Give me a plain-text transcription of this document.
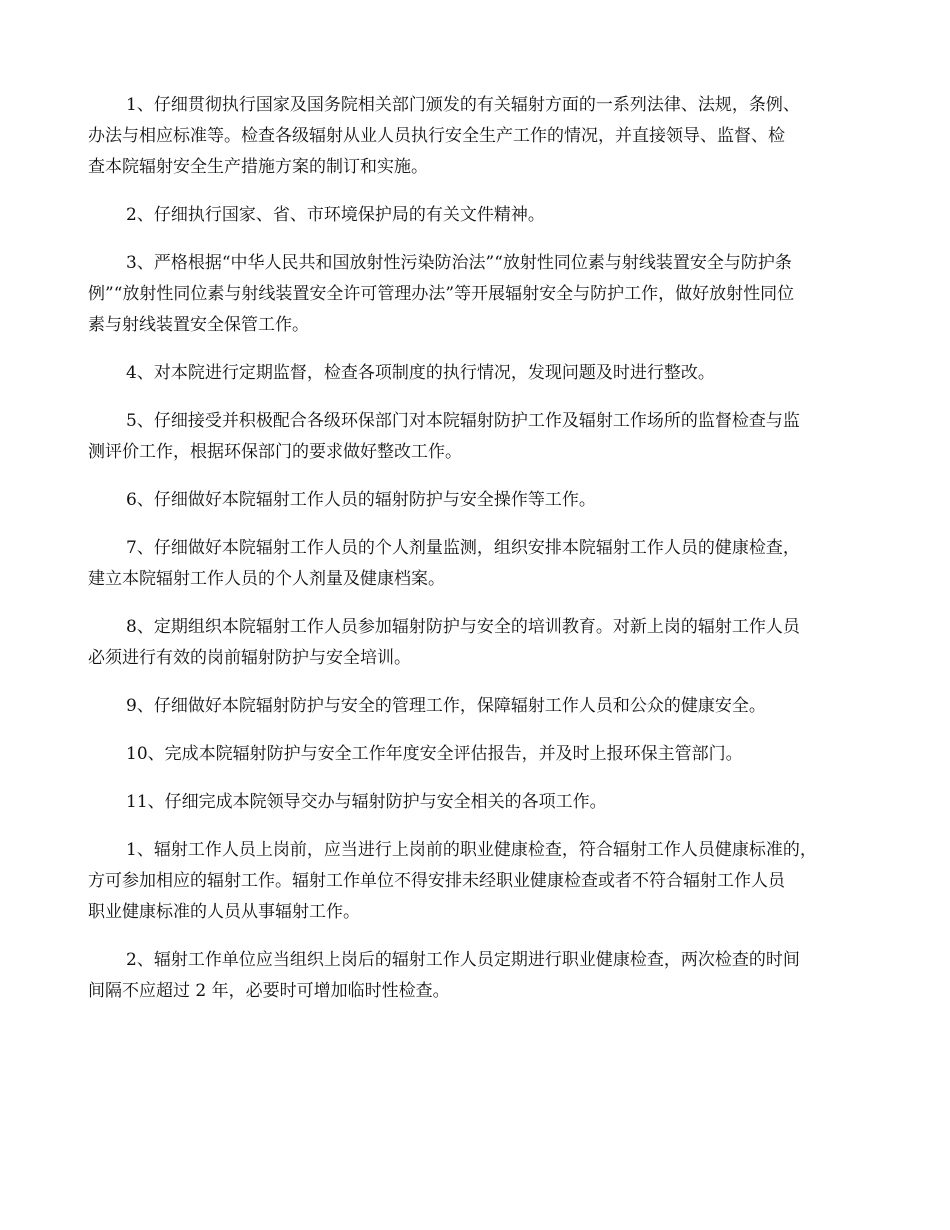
1、仔细贯彻执行国家及国务院相关部门颁发的有关辐射方面的一系列法律、法规，条例、
办法与相应标准等。检查各级辐射从业人员执行安全生产工作的情况，并直接领导、监督、检
查本院辐射安全生产措施方案的制订和实施。

2、仔细执行国家、省、市环境保护局的有关文件精神。

3、严格根据“中华人民共和国放射性污染防治法”“放射性同位素与射线装置安全与防护条
例”“放射性同位素与射线装置安全许可管理办法”等开展辐射安全与防护工作，做好放射性同位
素与射线装置安全保管工作。

4、对本院进行定期监督，检查各项制度的执行情况，发现问题及时进行整改。

5、仔细接受并积极配合各级环保部门对本院辐射防护工作及辐射工作场所的监督检查与监
测评价工作，根据环保部门的要求做好整改工作。

6、仔细做好本院辐射工作人员的辐射防护与安全操作等工作。

7、仔细做好本院辐射工作人员的个人剂量监测，组织安排本院辐射工作人员的健康检查，
建立本院辐射工作人员的个人剂量及健康档案。

8、定期组织本院辐射工作人员参加辐射防护与安全的培训教育。对新上岗的辐射工作人员
必须进行有效的岗前辐射防护与安全培训。

9、仔细做好本院辐射防护与安全的管理工作，保障辐射工作人员和公众的健康安全。

10、完成本院辐射防护与安全工作年度安全评估报告，并及时上报环保主管部门。

11、仔细完成本院领导交办与辐射防护与安全相关的各项工作。

1、辐射工作人员上岗前，应当进行上岗前的职业健康检查，符合辐射工作人员健康标准的，
方可参加相应的辐射工作。辐射工作单位不得安排未经职业健康检查或者不符合辐射工作人员
职业健康标准的人员从事辐射工作。

2、辐射工作单位应当组织上岗后的辐射工作人员定期进行职业健康检查，两次检查的时间
间隔不应超过 2 年，必要时可增加临时性检查。
